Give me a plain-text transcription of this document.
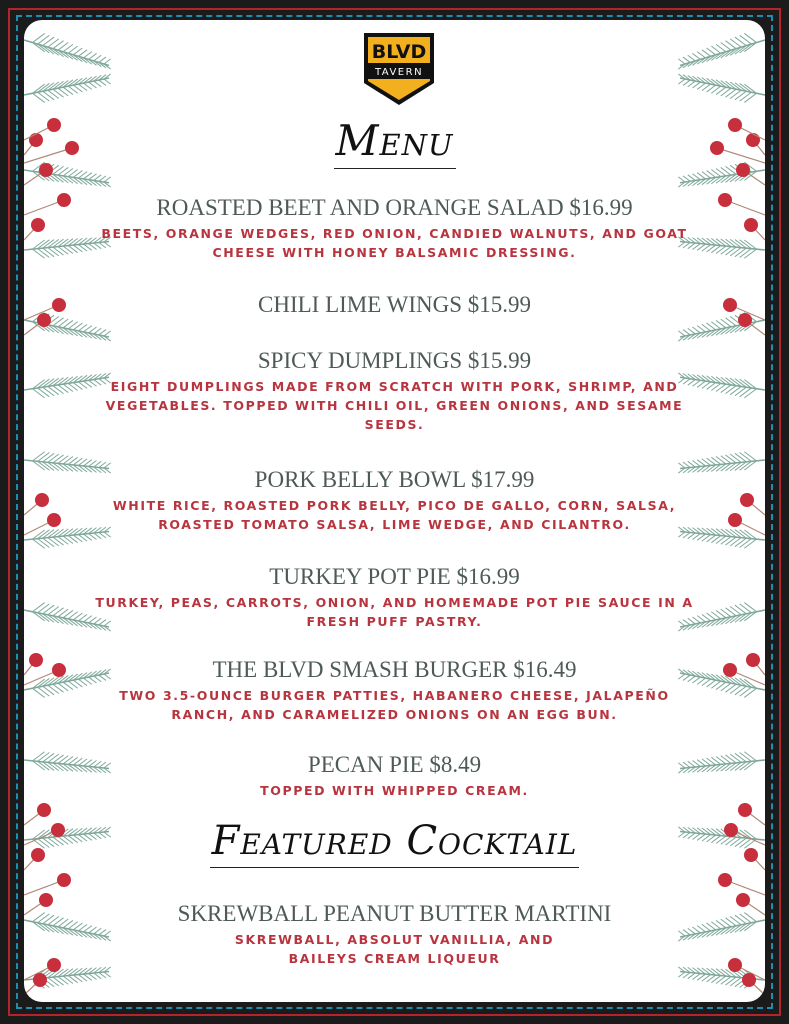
BLVD
TAVERN
Menu
ROASTED BEET AND ORANGE SALAD $16.99
BEETS, ORANGE WEDGES, RED ONION, CANDIED WALNUTS, AND GOAT CHEESE WITH HONEY BALSAMIC DRESSING.
CHILI LIME WINGS $15.99
SPICY DUMPLINGS $15.99
EIGHT DUMPLINGS MADE FROM SCRATCH WITH PORK, SHRIMP, AND VEGETABLES. TOPPED WITH CHILI OIL, GREEN ONIONS, AND SESAME SEEDS.
PORK BELLY BOWL $17.99
WHITE RICE, ROASTED PORK BELLY, PICO DE GALLO, CORN, SALSA, ROASTED TOMATO SALSA, LIME WEDGE, AND CILANTRO.
TURKEY POT PIE $16.99
TURKEY, PEAS, CARROTS, ONION, AND HOMEMADE POT PIE SAUCE IN A FRESH PUFF PASTRY.
THE BLVD SMASH BURGER $16.49
TWO 3.5-OUNCE BURGER PATTIES, HABANERO CHEESE, JALAPEÑO RANCH, AND CARAMELIZED ONIONS ON AN EGG BUN.
PECAN PIE $8.49
TOPPED WITH WHIPPED CREAM.
Featured Cocktail
SKREWBALL PEANUT BUTTER MARTINI
SKREWBALL, ABSOLUT VANILLIA, AND BAILEYS CREAM LIQUEUR
